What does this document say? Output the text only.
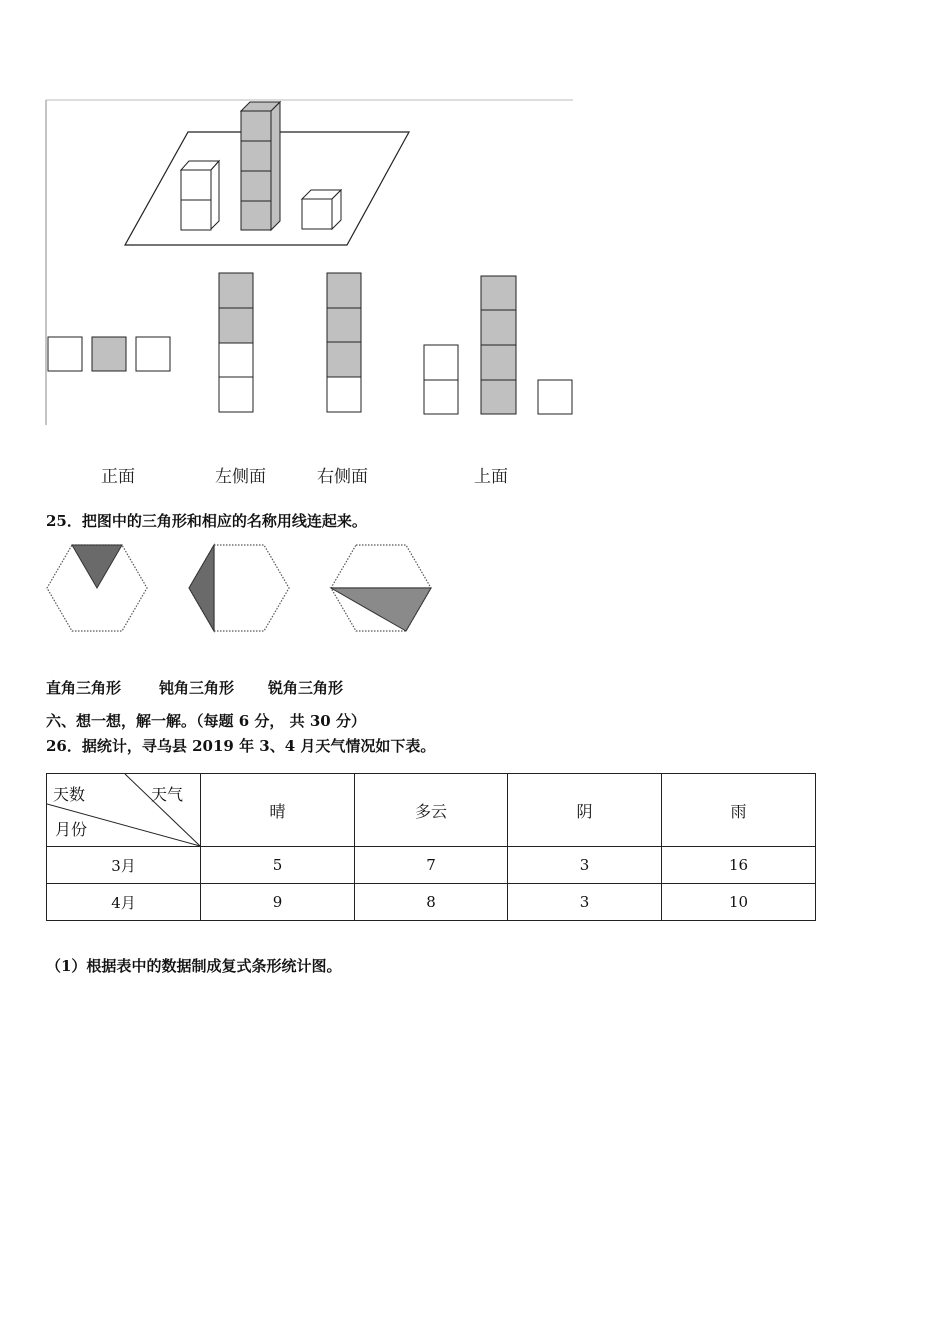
正面	左侧面	右侧面	上面
25．把图中的三角形和相应的名称用线连起来。
直角三角形	钝角三角形 锐角三角形
六、想一想，解一解。（每题 6 分， 共 30 分）
26．据统计，寻乌县 2019 年 3、4 月天气情况如下表。
天数 天气
月份	晴	多云	阴	雨
3月	5	7	3	16
4月	9	8	3	10
（1）根据表中的数据制成复式条形统计图。
